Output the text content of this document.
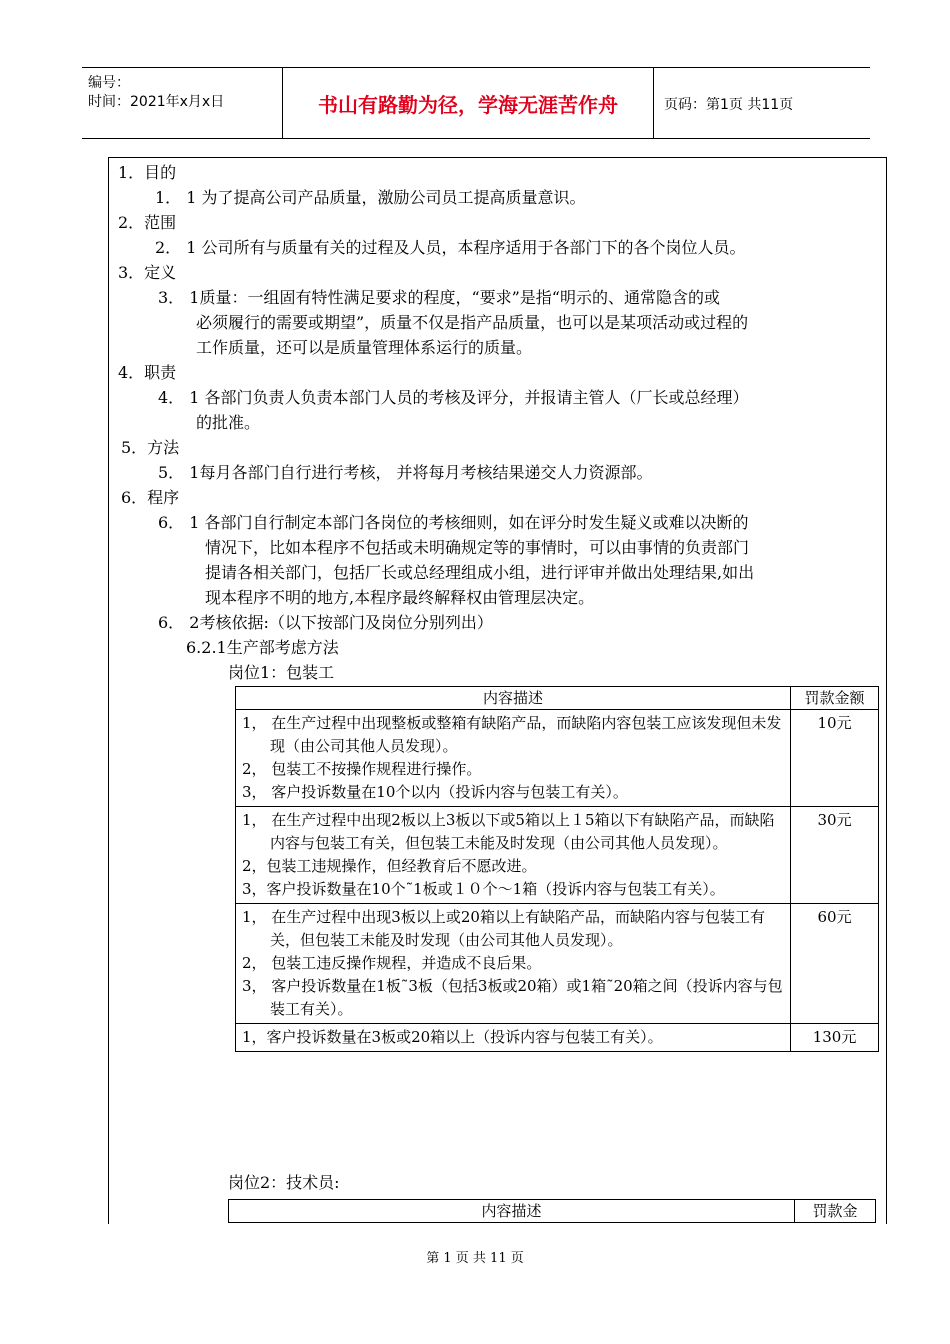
编号：
时间：2021年x月x日	书山有路勤为径，学海无涯苦作舟	页码：第1页 共11页
1．目的
1． 1 为了提高公司产品质量，激励公司员工提高质量意识。
2．范围
2． 1 公司所有与质量有关的过程及人员，本程序适用于各部门下的各个岗位人员。
3．定义
3． 1质量：一组固有特性满足要求的程度，“要求”是指“明示的、通常隐含的或
必须履行的需要或期望”，质量不仅是指产品质量，也可以是某项活动或过程的
工作质量，还可以是质量管理体系运行的质量。
4．职责
4． 1 各部门负责人负责本部门人员的考核及评分，并报请主管人（厂长或总经理）
的批准。
5．方法
5． 1每月各部门自行进行考核， 并将每月考核结果递交人力资源部。
6．程序
6． 1 各部门自行制定本部门各岗位的考核细则，如在评分时发生疑义或难以决断的
情况下，比如本程序不包括或未明确规定等的事情时，可以由事情的负责部门
提请各相关部门，包括厂长或总经理组成小组，进行评审并做出处理结果,如出
现本程序不明的地方,本程序最终解释权由管理层决定。
6． 2考核依据:（以下按部门及岗位分别列出）
6.2.1生产部考虑方法
岗位1：包装工
内容描述	罚款金额

1， 在生产过程中出现整板或整箱有缺陷产品，而缺陷内容包装工应该发现但未发现（由公司其他人员发现）。

2， 包装工不按操作规程进行操作。

3， 客户投诉数量在10个以内（投诉内容与包装工有关）。	10元

1， 在生产过程中出现2板以上3板以下或5箱以上１5箱以下有缺陷产品，而缺陷内容与包装工有关，但包装工未能及时发现（由公司其他人员发现）。

2，包装工违规操作，但经教育后不愿改进。

3，客户投诉数量在10个˜1板或１０个～1箱（投诉内容与包装工有关）。	30元

1， 在生产过程中出现3板以上或20箱以上有缺陷产品，而缺陷内容与包装工有关，但包装工未能及时发现（由公司其他人员发现）。

2， 包装工违反操作规程，并造成不良后果。

3， 客户投诉数量在1板˜3板（包括3板或20箱）或1箱˜20箱之间（投诉内容与包装工有关）。	60元

1，客户投诉数量在3板或20箱以上（投诉内容与包装工有关）。	130元
岗位2：技术员:
内容描述	罚款金
第 1 页 共 11 页
